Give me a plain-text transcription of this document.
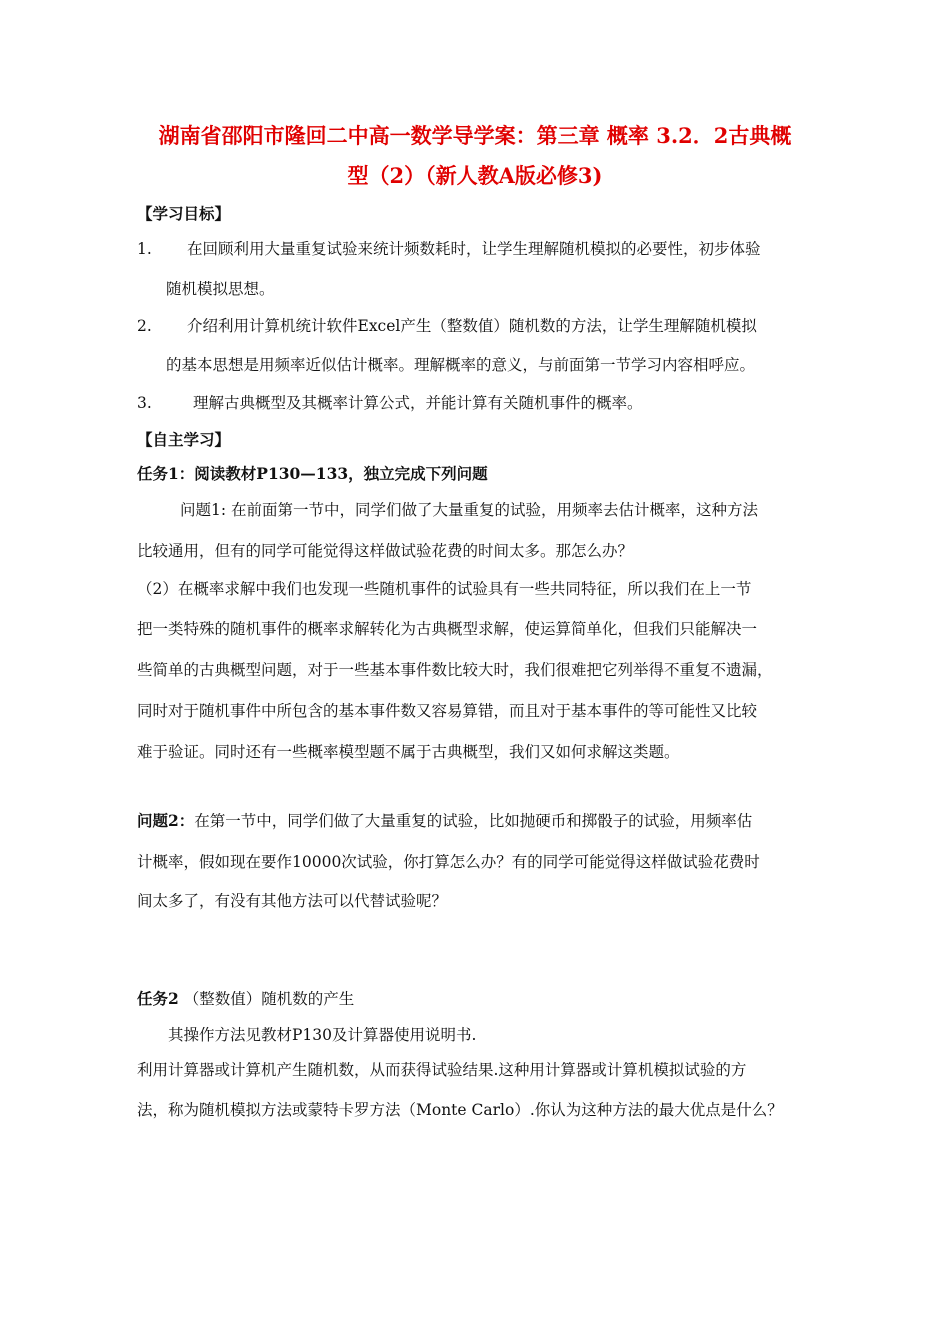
湖南省邵阳市隆回二中高一数学导学案：第三章 概率 3.2．2古典概
型（2）（新人教A版必修3)
【学习目标】
1. 在回顾利用大量重复试验来统计频数耗时，让学生理解随机模拟的必要性，初步体验
随机模拟思想。
2. 介绍利用计算机统计软件Excel产生（整数值）随机数的方法，让学生理解随机模拟
的基本思想是用频率近似估计概率。理解概率的意义，与前面第一节学习内容相呼应。
3.	理解古典概型及其概率计算公式，并能计算有关随机事件的概率。
【自主学习】
任务1：阅读教材P130—133，独立完成下列问题
问题1: 在前面第一节中，同学们做了大量重复的试验，用频率去估计概率，这种方法
比较通用，但有的同学可能觉得这样做试验花费的时间太多。那怎么办？
（2）在概率求解中我们也发现一些随机事件的试验具有一些共同特征，所以我们在上一节
把一类特殊的随机事件的概率求解转化为古典概型求解，使运算简单化，但我们只能解决一
些简单的古典概型问题，对于一些基本事件数比较大时，我们很难把它列举得不重复不遗漏，
同时对于随机事件中所包含的基本事件数又容易算错，而且对于基本事件的等可能性又比较
难于验证。同时还有一些概率模型题不属于古典概型，我们又如何求解这类题。
问题2：在第一节中，同学们做了大量重复的试验，比如抛硬币和掷骰子的试验，用频率估
计概率，假如现在要作10000次试验，你打算怎么办？有的同学可能觉得这样做试验花费时
间太多了，有没有其他方法可以代替试验呢？
任务2 （整数值）随机数的产生
其操作方法见教材P130及计算器使用说明书.
利用计算器或计算机产生随机数，从而获得试验结果.这种用计算器或计算机模拟试验的方
法，称为随机模拟方法或蒙特卡罗方法（Monte Carlo）.你认为这种方法的最大优点是什么？
